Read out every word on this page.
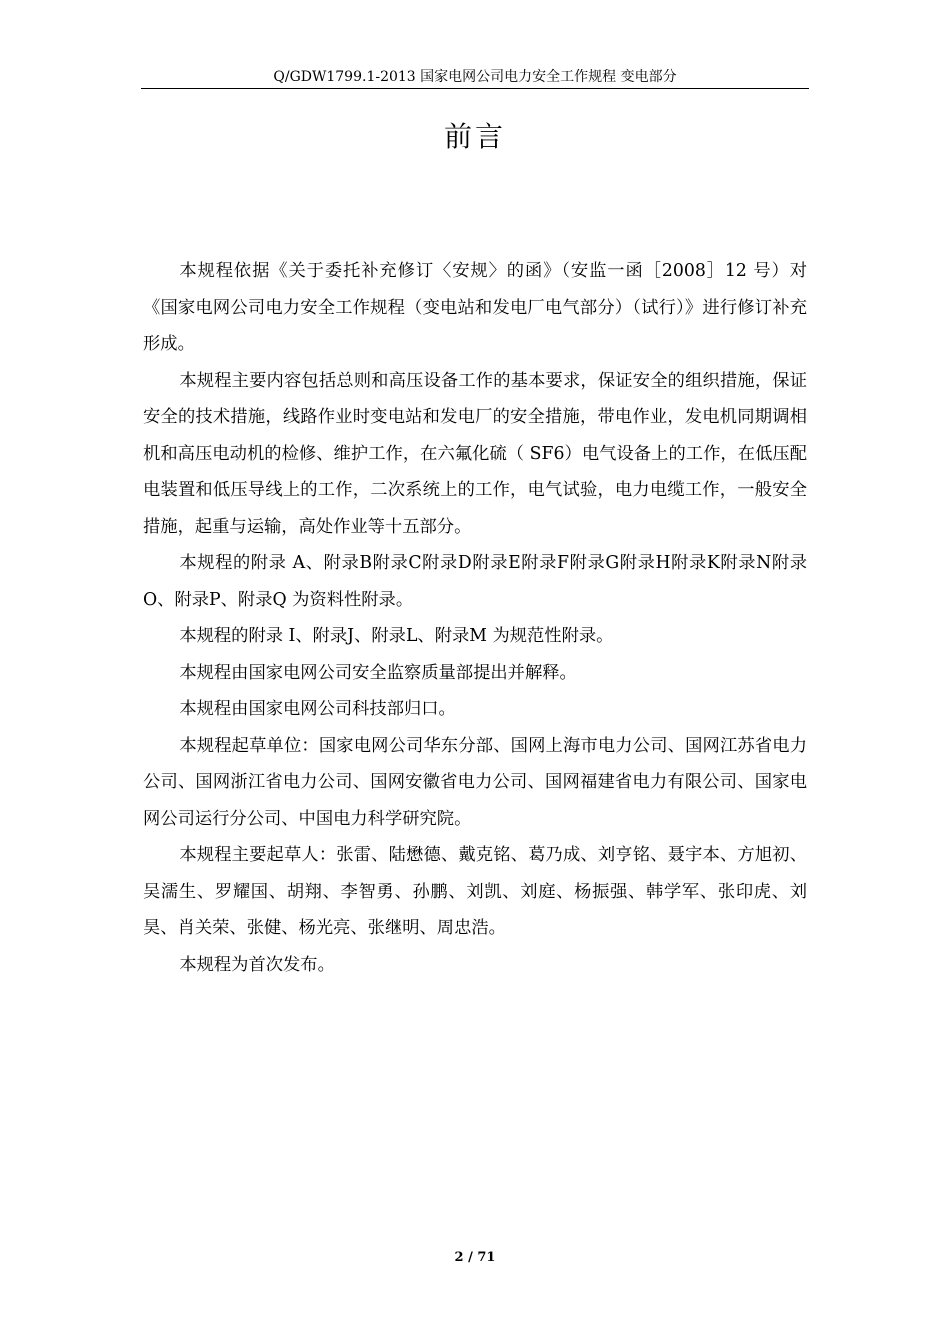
Q/GDW1799.1-2013 国家电网公司电力安全工作规程 变电部分
前言

本规程依据《关于委托补充修订〈安规〉的函》（安监一函［2008］12 号）对《国家电网公司电力安全工作规程（变电站和发电厂电气部分）（试行）》进行修订补充形成。

本规程主要内容包括总则和高压设备工作的基本要求，保证安全的组织措施，保证安全的技术措施，线路作业时变电站和发电厂的安全措施，带电作业，发电机同期调相机和高压电动机的检修、维护工作，在六氟化硫（ SF6）电气设备上的工作，在低压配电装置和低压导线上的工作，二次系统上的工作，电气试验，电力电缆工作，一般安全措施，起重与运输，高处作业等十五部分。

本规程的附录 A、附录B附录C附录D附录E附录F附录G附录H附录K附录N附录O、附录P、附录Q 为资料性附录。

本规程的附录 I、附录J、附录L、附录M 为规范性附录。

本规程由国家电网公司安全监察质量部提出并解释。

本规程由国家电网公司科技部归口。

本规程起草单位：国家电网公司华东分部、国网上海市电力公司、国网江苏省电力公司、国网浙江省电力公司、国网安徽省电力公司、国网福建省电力有限公司、国家电网公司运行分公司、中国电力科学研究院。

本规程主要起草人：张雷、陆懋德、戴克铭、葛乃成、刘亨铭、聂宇本、方旭初、吴濡生、罗耀国、胡翔、李智勇、孙鹏、刘凯、刘庭、杨振强、韩学军、张印虎、刘昊、肖关荣、张健、杨光亮、张继明、周忠浩。

本规程为首次发布。

2 / 71
